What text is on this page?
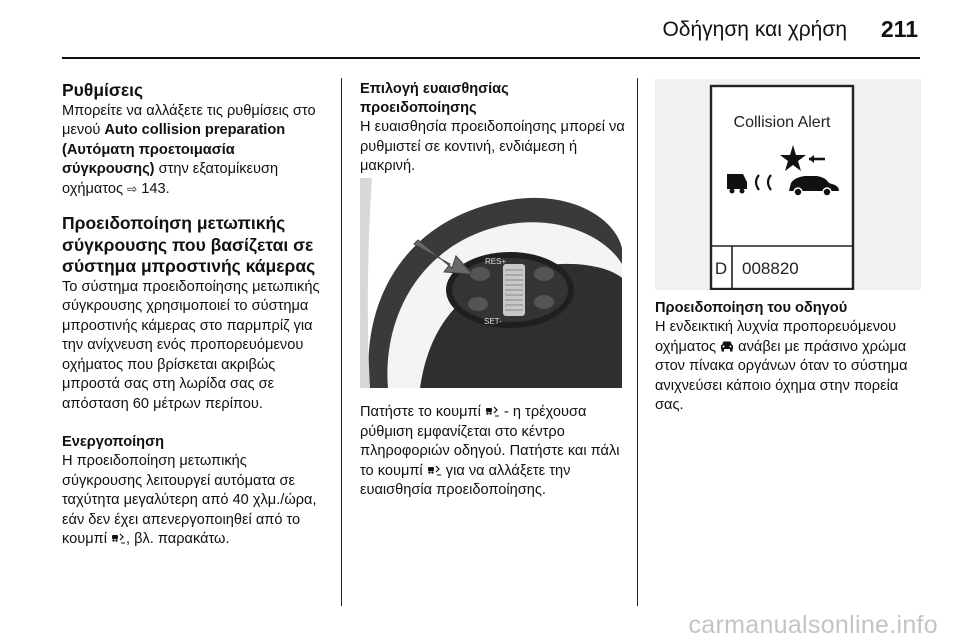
Οδήγηση και χρήση 211
Ρυθμίσεις

Μπορείτε να αλλάξετε τις ρυθμίσεις στο μενού Auto collision preparation (Αυτόματη προετοιμασία σύγκρουσης) στην εξατομίκευση οχήματος ⇨ 143.

Προειδοποίηση μετωπικής σύγκρουσης που βασίζεται σε σύστημα μπροστινής κάμερας

Το σύστημα προειδοποίησης μετωπικής σύγκρουσης χρησιμοποιεί το σύστημα μπροστινής κάμερας στο παρμπρίζ για την ανίχνευση ενός προπορευόμενου οχήματος που βρίσκεται ακριβώς μπροστά σας στη λωρίδα σας σε απόσταση 60 μέτρων περίπου.

Ενεργοποίηση

Η προειδοποίηση μετωπικής σύγκρουσης λειτουργεί αυτόματα σε ταχύτητα μεγαλύτερη από 40 χλμ./ώρα, εάν δεν έχει απενεργοποιηθεί από το κουμπί , βλ. παρακάτω.

Επιλογή ευαισθησίας προειδοποίησης

Η ευαισθησία προειδοποίησης μπορεί να ρυθμιστεί σε κοντινή, ενδιάμεση ή μακρινή.

RES+
SET-

Πατήστε το κουμπί  - η τρέχουσα ρύθμιση εμφανίζεται στο κέντρο πληροφοριών οδηγού. Πατήστε και πάλι το κουμπί  για να αλλάξετε την ευαισθησία προειδοποίησης.

Collision Alert
D 008820
Προειδοποίηση του οδηγού

Η ενδεικτική λυχνία προπορευόμενου οχήματος  ανάβει με πράσινο χρώμα στον πίνακα οργάνων όταν το σύστημα ανιχνεύσει κάποιο όχημα στην πορεία σας.

carmanualsonline.info
